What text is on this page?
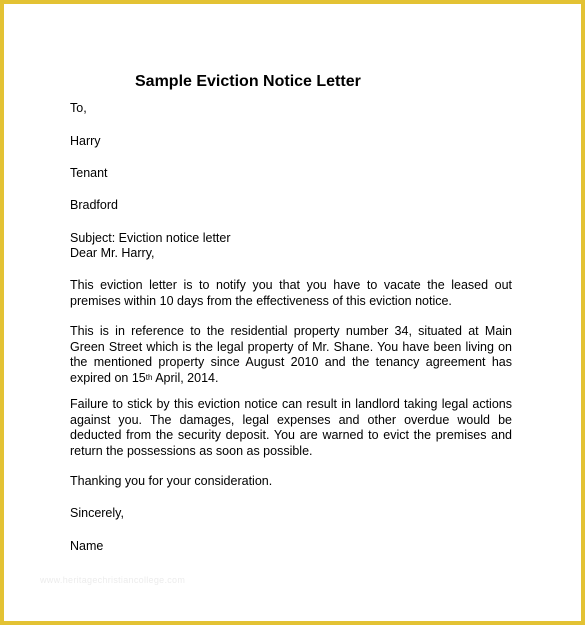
Sample Eviction Notice Letter
To,
Harry
Tenant
Bradford
Subject: Eviction notice letter
Dear Mr. Harry,
This eviction letter is to notify you that you have to vacate the leased out premises within 10 days from the effectiveness of this eviction notice.
This is in reference to the residential property number 34, situated at Main Green Street which is the legal property of Mr. Shane. You have been living on the mentioned property since August 2010 and the tenancy agreement has expired on 15th April, 2014.
Failure to stick by this eviction notice can result in landlord taking legal actions against you. The damages, legal expenses and other overdue would be deducted from the security deposit. You are warned to evict the premises and return the possessions as soon as possible.
Thanking you for your consideration.
Sincerely,
Name
www.heritagechristiancollege.com
